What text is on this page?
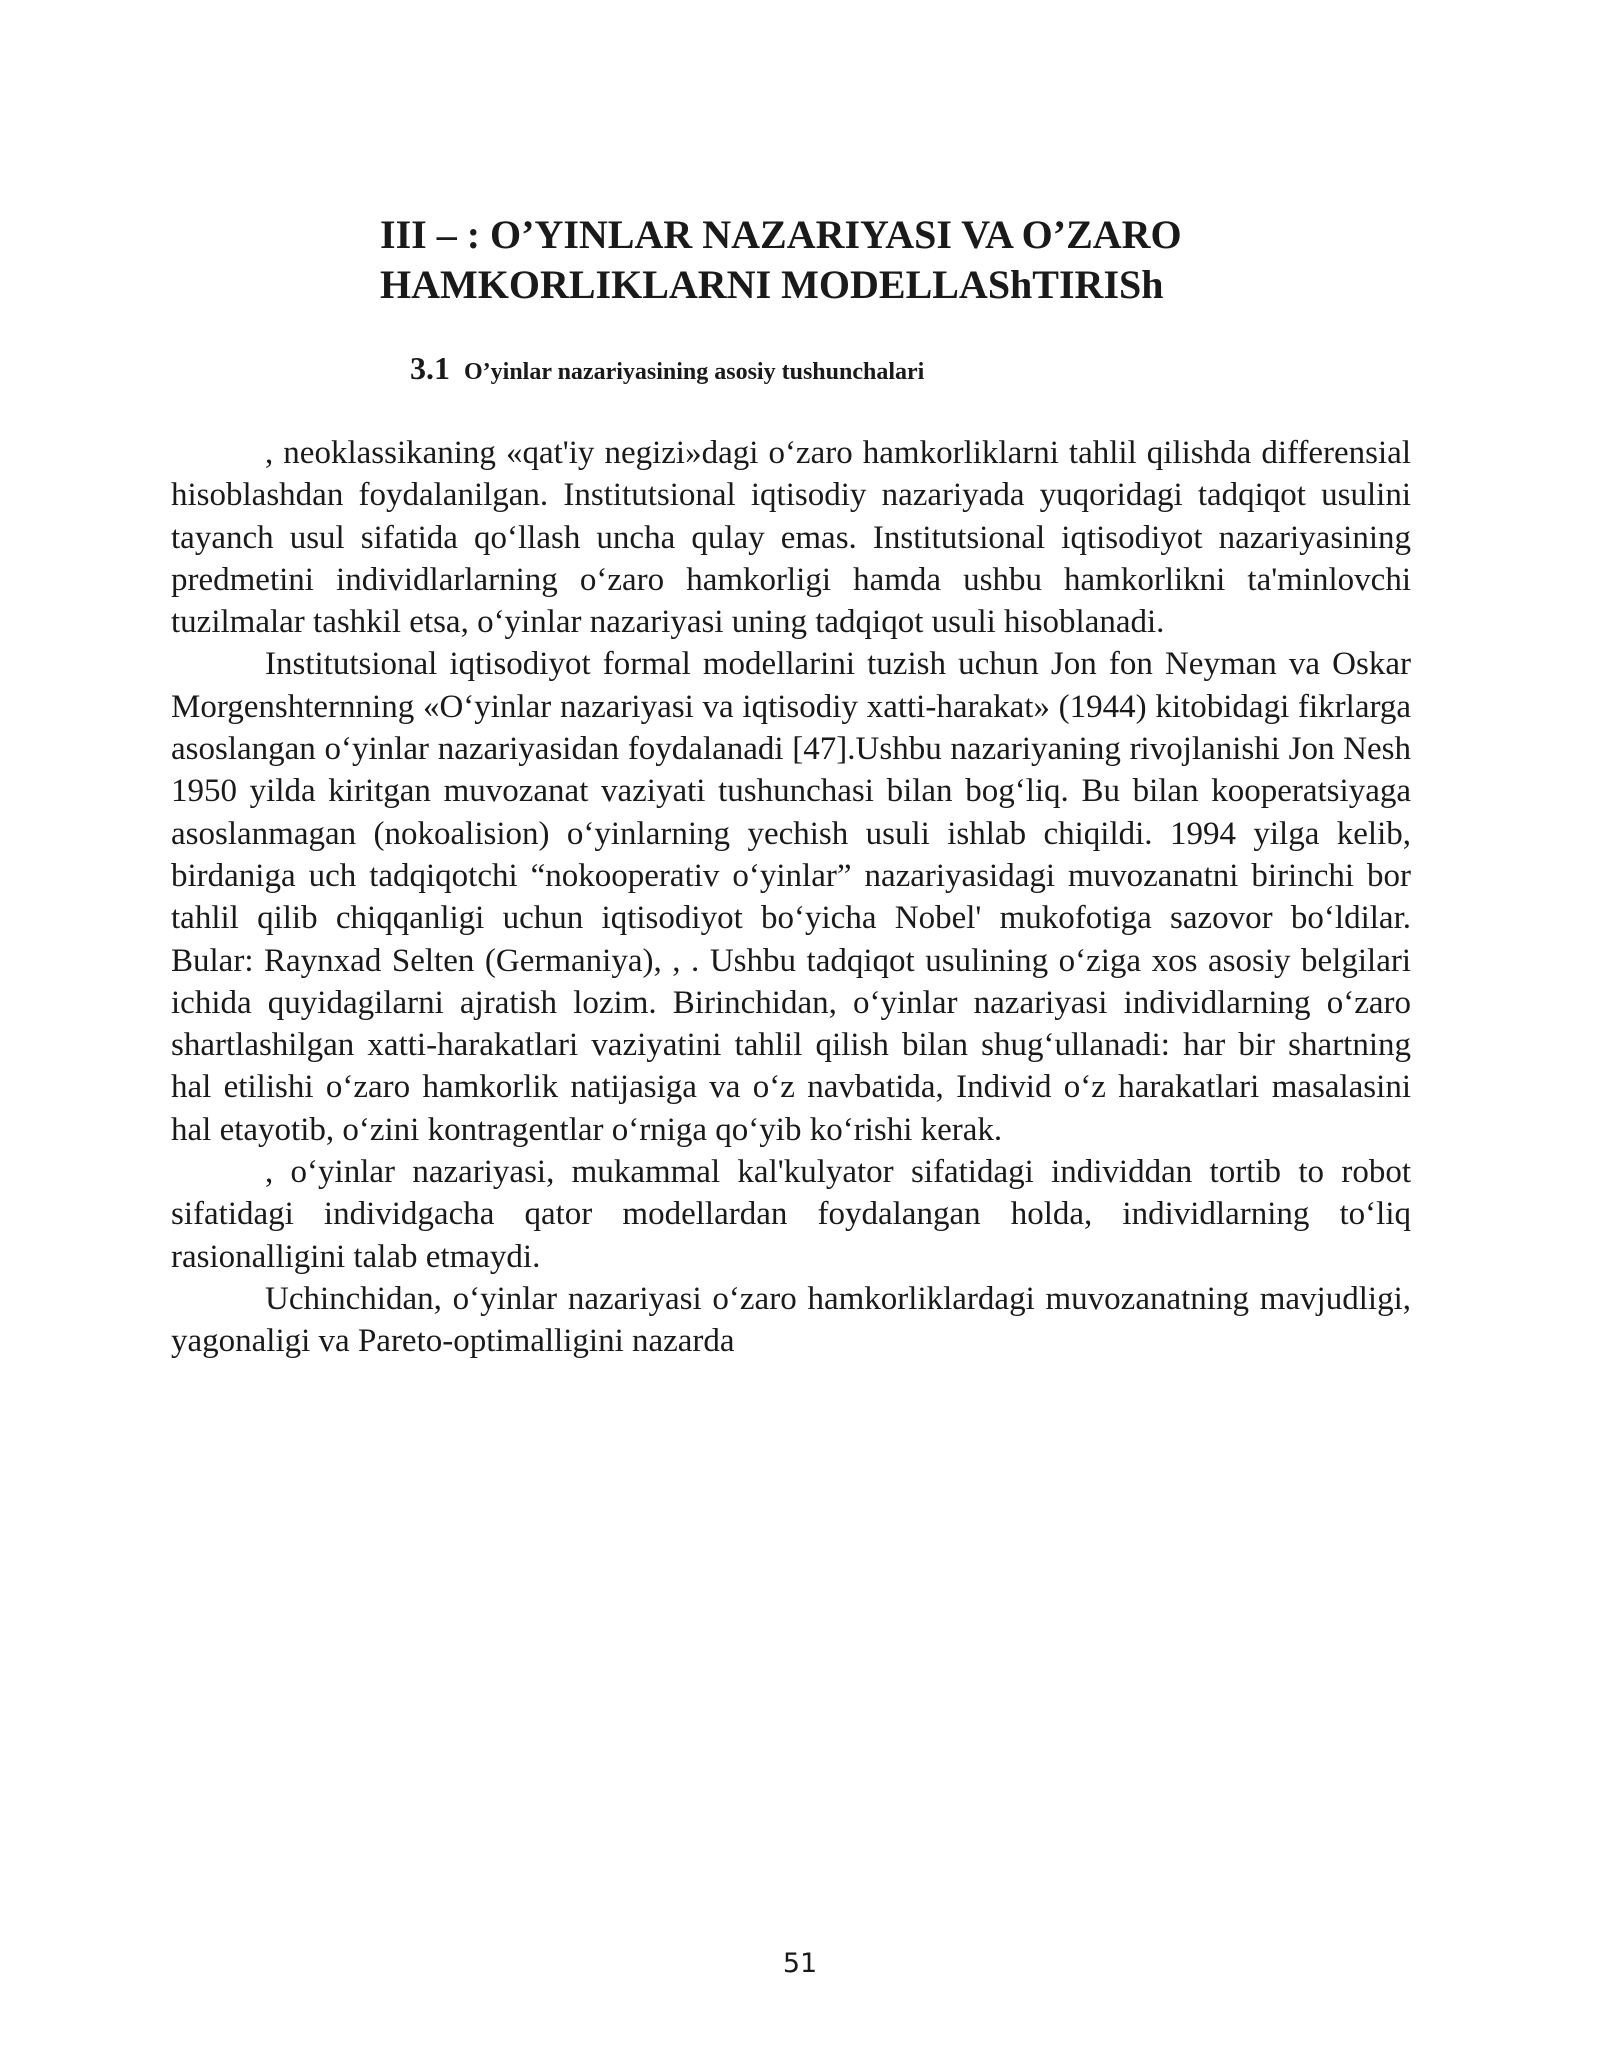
III – : O’YINLAR NAZARIYASI VA O’ZARO
HAMKORLIKLARNI MODELLAShTIRISh
3.1 O’yinlar nazariyasining asosiy tushunchalari

, neoklassikaning «qat'iy negizi»dagi o‘zaro hamkorliklarni tahlil qilishda differensial hisoblashdan foydalanilgan. Institutsional iqtisodiy nazariyada yuqoridagi tadqiqot usulini tayanch usul sifatida qo‘llash uncha qulay emas. Institutsional iqtisodiyot nazariyasining predmetini individlarlarning o‘zaro hamkorligi hamda ushbu hamkorlikni ta'minlovchi tuzilmalar tashkil etsa, o‘yinlar nazariyasi uning tadqiqot usuli hisoblanadi.

Institutsional iqtisodiyot formal modellarini tuzish uchun Jon fon Neyman va Oskar Morgenshternning «O‘yinlar nazariyasi va iqtisodiy xatti-harakat» (1944) kitobidagi fikrlarga asoslangan o‘yinlar nazariyasidan foydalanadi [47].Ushbu nazariyaning rivojlanishi Jon Nesh 1950 yilda kiritgan muvozanat vaziyati tushunchasi bilan bog‘liq. Bu bilan kooperatsiyaga asoslanmagan (nokoalision) o‘yinlarning yechish usuli ishlab chiqildi. 1994 yilga kelib, birdaniga uch tadqiqotchi “nokooperativ o‘yinlar” nazariyasidagi muvozanatni birinchi bor tahlil qilib chiqqanligi uchun iqtisodiyot bo‘yicha Nobel' mukofotiga sazovor bo‘ldilar. Bular: Raynxad Selten (Germaniya), , . Ushbu tadqiqot usulining o‘ziga xos asosiy belgilari ichida quyidagilarni ajratish lozim. Birinchidan, o‘yinlar nazariyasi individlarning o‘zaro shartlashilgan xatti-harakatlari vaziyatini tahlil qilish bilan shug‘ullanadi: har bir shartning hal etilishi o‘zaro hamkorlik natijasiga va o‘z navbatida, Individ o‘z harakatlari masalasini hal etayotib, o‘zini kontragentlar o‘rniga qo‘yib ko‘rishi kerak.

, o‘yinlar nazariyasi, mukammal kal'kulyator sifatidagi individdan tortib to robot sifatidagi individgacha qator modellardan foydalangan holda, individlarning to‘liq rasionalligini talab etmaydi.

Uchinchidan, o‘yinlar nazariyasi o‘zaro hamkorliklardagi muvozanatning mavjudligi, yagonaligi va Pareto-optimalligini nazarda

51
